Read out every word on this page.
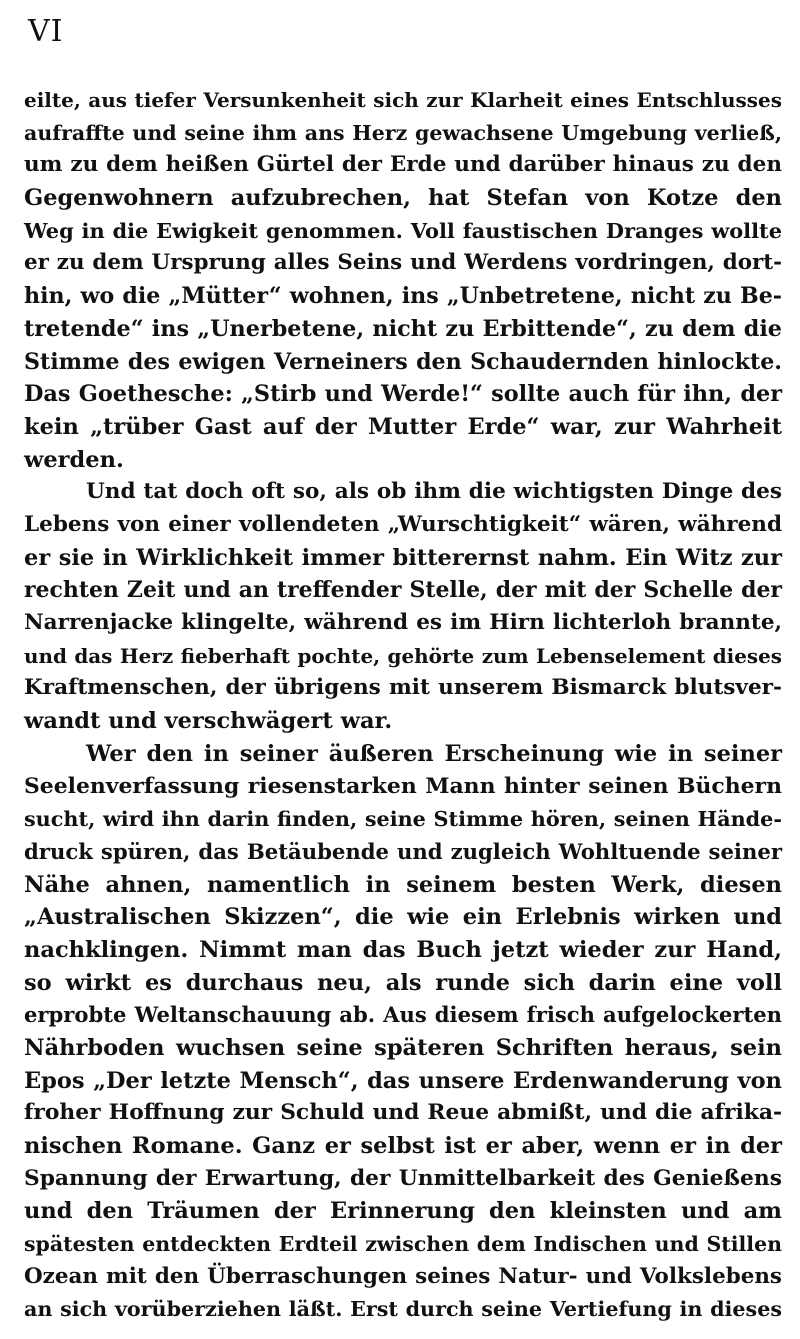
VI
eilte, aus tiefer Versunkenheit sich zur Klarheit eines Entschlusses
aufraffte und seine ihm ans Herz gewachsene Umgebung verließ,
um zu dem heißen Gürtel der Erde und darüber hinaus zu den
Gegenwohnern aufzubrechen, hat Stefan von Kotze den
Weg in die Ewigkeit genommen. Voll faustischen Dranges wollte
er zu dem Ursprung alles Seins und Werdens vordringen, dort-
hin, wo die „Mütter“ wohnen, ins „Unbetretene, nicht zu Be-
tretende“ ins „Unerbetene, nicht zu Erbittende“, zu dem die
Stimme des ewigen Verneiners den Schaudernden hinlockte.
Das Goethesche: „Stirb und Werde!“ sollte auch für ihn, der
kein „trüber Gast auf der Mutter Erde“ war, zur Wahrheit
werden.
Und tat doch oft so, als ob ihm die wichtigsten Dinge des
Lebens von einer vollendeten „Wurschtigkeit“ wären, während
er sie in Wirklichkeit immer bitterernst nahm. Ein Witz zur
rechten Zeit und an treffender Stelle, der mit der Schelle der
Narrenjacke klingelte, während es im Hirn lichterloh brannte,
und das Herz fieberhaft pochte, gehörte zum Lebenselement dieses
Kraftmenschen, der übrigens mit unserem Bismarck blutsver-
wandt und verschwägert war.
Wer den in seiner äußeren Erscheinung wie in seiner
Seelenverfassung riesenstarken Mann hinter seinen Büchern
sucht, wird ihn darin finden, seine Stimme hören, seinen Hände-
druck spüren, das Betäubende und zugleich Wohltuende seiner
Nähe ahnen, namentlich in seinem besten Werk, diesen
„Australischen Skizzen“, die wie ein Erlebnis wirken und
nachklingen. Nimmt man das Buch jetzt wieder zur Hand,
so wirkt es durchaus neu, als runde sich darin eine voll
erprobte Weltanschauung ab. Aus diesem frisch aufgelockerten
Nährboden wuchsen seine späteren Schriften heraus, sein
Epos „Der letzte Mensch“, das unsere Erdenwanderung von
froher Hoffnung zur Schuld und Reue abmißt, und die afrika-
nischen Romane. Ganz er selbst ist er aber, wenn er in der
Spannung der Erwartung, der Unmittelbarkeit des Genießens
und den Träumen der Erinnerung den kleinsten und am
spätesten entdeckten Erdteil zwischen dem Indischen und Stillen
Ozean mit den Überraschungen seines Natur- und Volkslebens
an sich vorüberziehen läßt. Erst durch seine Vertiefung in dieses
